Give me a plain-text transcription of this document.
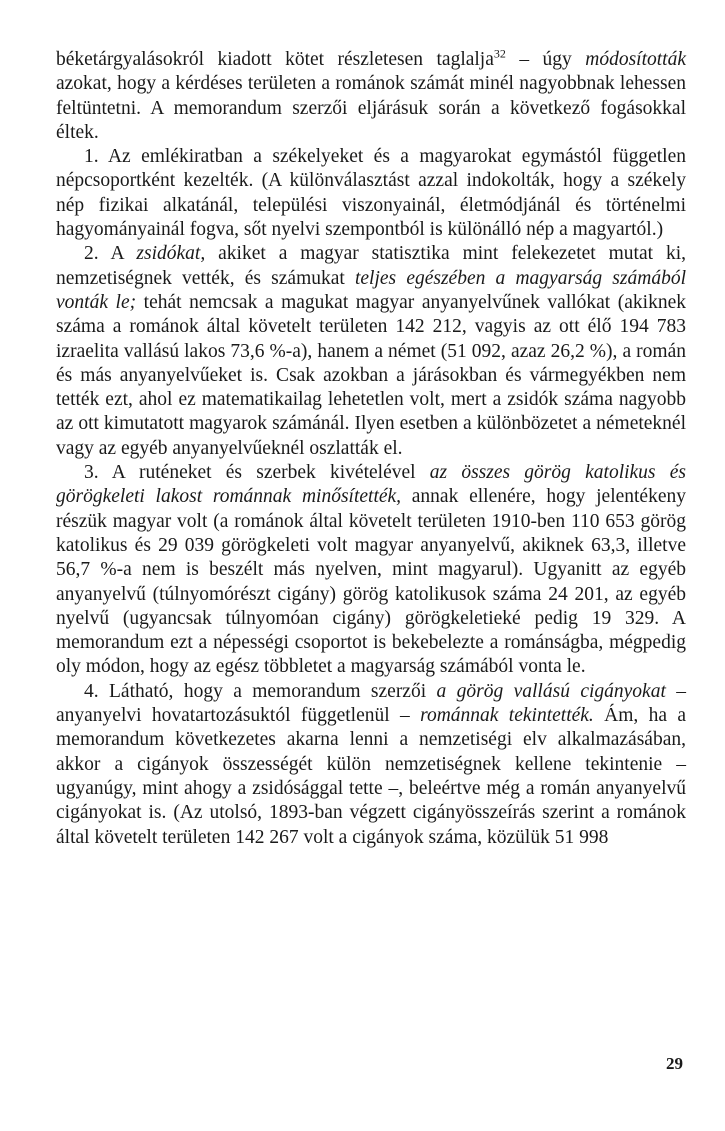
béketárgyalásokról kiadott kötet részletesen taglalja$^{32}$ – úgy módosították azokat, hogy a kérdéses területen a románok számát minél nagyobbnak lehessen feltüntetni. A memorandum szerzői eljárásuk során a következő fogásokkal éltek.

1. Az emlékiratban a székelyeket és a magyarokat egymástól független népcsoportként kezelték. (A különválasztást azzal indokolták, hogy a székely nép fizikai alkatánál, települési viszonyainál, életmódjánál és történelmi hagyományainál fogva, sőt nyelvi szempontból is különálló nép a magyartól.)

2. A zsidókat, akiket a magyar statisztika mint felekezetet mutat ki, nemzetiségnek vették, és számukat teljes egészében a magyarság számából vonták le; tehát nemcsak a magukat magyar anyanyelvűnek vallókat (akiknek száma a románok által követelt területen 142 212, vagyis az ott élő 194 783 izraelita vallású lakos 73,6 %-a), hanem a német (51 092, azaz 26,2 %), a román és más anyanyelvűeket is. Csak azokban a járásokban és vármegyékben nem tették ezt, ahol ez matematikailag lehetetlen volt, mert a zsidók száma nagyobb az ott kimutatott magyarok számánál. Ilyen esetben a különbözetet a németeknél vagy az egyéb anyanyelvűeknél oszlatták el.

3. A ruténeket és szerbek kivételével az összes görög katolikus és görögkeleti lakost románnak minősítették, annak ellenére, hogy jelentékeny részük magyar volt (a románok által követelt területen 1910-ben 110 653 görög katolikus és 29 039 görögkeleti volt magyar anyanyelvű, akiknek 63,3, illetve 56,7 %-a nem is beszélt más nyelven, mint magyarul). Ugyanitt az egyéb anyanyelvű (túlnyomórészt cigány) görög katolikusok száma 24 201, az egyéb nyelvű (ugyancsak túlnyomóan cigány) görögkeletieké pedig 19 329. A memorandum ezt a népességi csoportot is bekebelezte a románságba, mégpedig oly módon, hogy az egész többletet a magyarság számából vonta le.

4. Látható, hogy a memorandum szerzői a görög vallású cigányokat – anyanyelvi hovatartozásuktól függetlenül – románnak tekintették. Ám, ha a memorandum következetes akarna lenni a nemzetiségi elv alkalmazásában, akkor a cigányok összességét külön nemzetiségnek kellene tekintenie – ugyanúgy, mint ahogy a zsidósággal tette –, beleértve még a román anyanyelvű cigányokat is. (Az utolsó, 1893-ban végzett cigányösszeírás szerint a románok által követelt területen 142 267 volt a cigányok száma, közülük 51 998

29
